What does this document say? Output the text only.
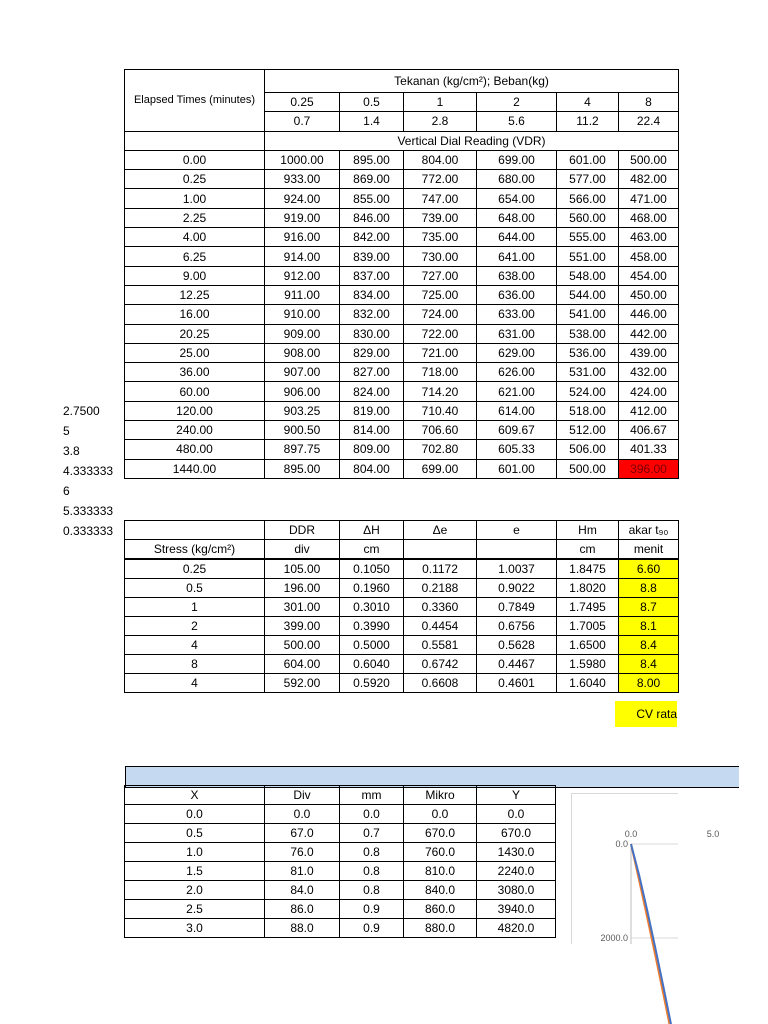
Elapsed Times (minutes)	Tekanan (kg/cm²); Beban(kg)					
	0.25	0.5	1	2	4	8
	0.7	1.4	2.8	5.6	11.2	22.4
	Vertical Dial Reading (VDR)					
0.00	1000.00	895.00	804.00	699.00	601.00	500.00
0.25	933.00	869.00	772.00	680.00	577.00	482.00
1.00	924.00	855.00	747.00	654.00	566.00	471.00
2.25	919.00	846.00	739.00	648.00	560.00	468.00
4.00	916.00	842.00	735.00	644.00	555.00	463.00
6.25	914.00	839.00	730.00	641.00	551.00	458.00
9.00	912.00	837.00	727.00	638.00	548.00	454.00
12.25	911.00	834.00	725.00	636.00	544.00	450.00
16.00	910.00	832.00	724.00	633.00	541.00	446.00
20.25	909.00	830.00	722.00	631.00	538.00	442.00
25.00	908.00	829.00	721.00	629.00	536.00	439.00
36.00	907.00	827.00	718.00	626.00	531.00	432.00
60.00	906.00	824.00	714.20	621.00	524.00	424.00
120.00	903.25	819.00	710.40	614.00	518.00	412.00
240.00	900.50	814.00	706.60	609.67	512.00	406.67
480.00	897.75	809.00	702.80	605.33	506.00	401.33
1440.00	895.00	804.00	699.00	601.00	500.00	396.00
2.7500
5
3.8
4.333333
6
5.333333
0.333333
		DDR	ΔH	Δe	e	Hm	akar t₉₀
Stress (kg/cm²)	div	cm			cm	menit
0.25	105.00	0.1050	0.1172	1.0037	1.8475	6.60
0.5	196.00	0.1960	0.2188	0.9022	1.8020	8.8
1	301.00	0.3010	0.3360	0.7849	1.7495	8.7
2	399.00	0.3990	0.4454	0.6756	1.7005	8.1
4	500.00	0.5000	0.5581	0.5628	1.6500	8.4
8	604.00	0.6040	0.6742	0.4467	1.5980	8.4
4	592.00	0.5920	0.6608	0.4601	1.6040	8.00
CV rata
X	Div	mm	Mikro	Y
0.0	0.0	0.0	0.0	0.0
0.5	67.0	0.7	670.0	670.0
1.0	76.0	0.8	760.0	1430.0
1.5	81.0	0.8	810.0	2240.0
2.0	84.0	0.8	840.0	3080.0
2.5	86.0	0.9	860.0	3940.0
3.0	88.0	0.9	880.0	4820.0
0.0	5.0
0.0
2000.0
